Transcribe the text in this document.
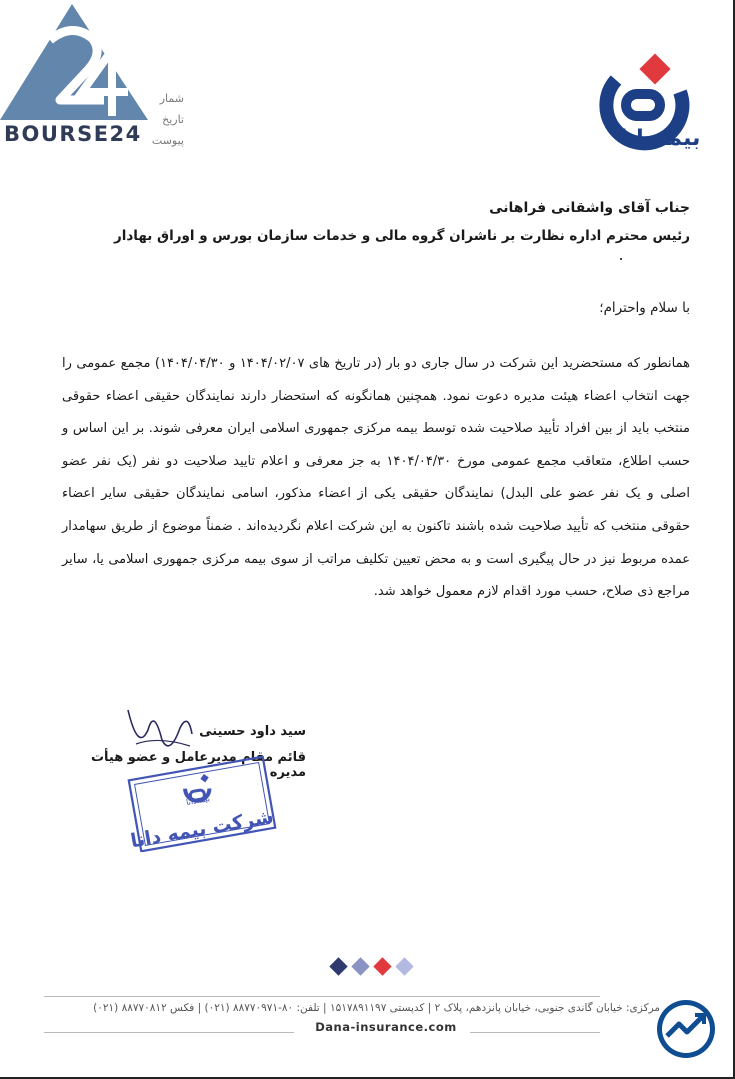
BOURSE24
شمار
تاریخ
پیوست	بیمه‌دانا
جناب آقای واشقانی فراهانی
رئیس محترم اداره نظارت بر ناشران گروه مالی و خدمات سازمان بورس و اوراق بهادار
با سلام واحترام؛
همانطور که مستحضرید این شرکت در سال جاری دو بار (در تاریخ های ۱۴۰۴/۰۲/۰۷ و ۱۴۰۴/۰۴/۳۰) مجمع عمومی را جهت انتخاب اعضاء هیئت مدیره دعوت نمود. همچنین همانگونه که استحضار دارند نمایندگان حقیقی اعضاء حقوقی منتخب باید از بین افراد تأیید صلاحیت شده توسط بیمه مرکزی جمهوری اسلامی ایران معرفی شوند. بر این اساس و حسب اطلاع، متعاقب مجمع عمومی مورخ ۱۴۰۴/۰۴/۳۰ به جز معرفی و اعلام تایید صلاحیت دو نفر (یک نفر عضو اصلی و یک نفر عضو علی البدل) نمایندگان حقیقی یکی از اعضاء مذکور، اسامی نمایندگان حقیقی سایر اعضاء حقوقی منتخب که تأیید صلاحیت شده باشند تاکنون به این شرکت اعلام نگردیده‌اند . ضمناً موضوع از طریق سهامدار عمده مربوط نیز در حال پیگیری است و به محض تعیین تکلیف مراتب از سوی بیمه مرکزی جمهوری اسلامی یا، سایر مراجع ذی صلاح، حسب مورد اقدام لازم معمول خواهد شد.
سید داود حسینی
قائم مقام مدیرعامل و عضو هیأت مدیره
بیمه‌دانا
شرکت بیمه دانا
مرکزی: خیابان گاندی جنوبی، خیابان پانزدهم، پلاک ۲ | کدپستی ۱۵۱۷۸۹۱۱۹۷ | تلفن: ۸۰-۸۸۷۷۰۹۷۱ (۰۲۱) | فکس ۸۸۷۷۰۸۱۲ (۰۲۱)
Dana-insurance.com
